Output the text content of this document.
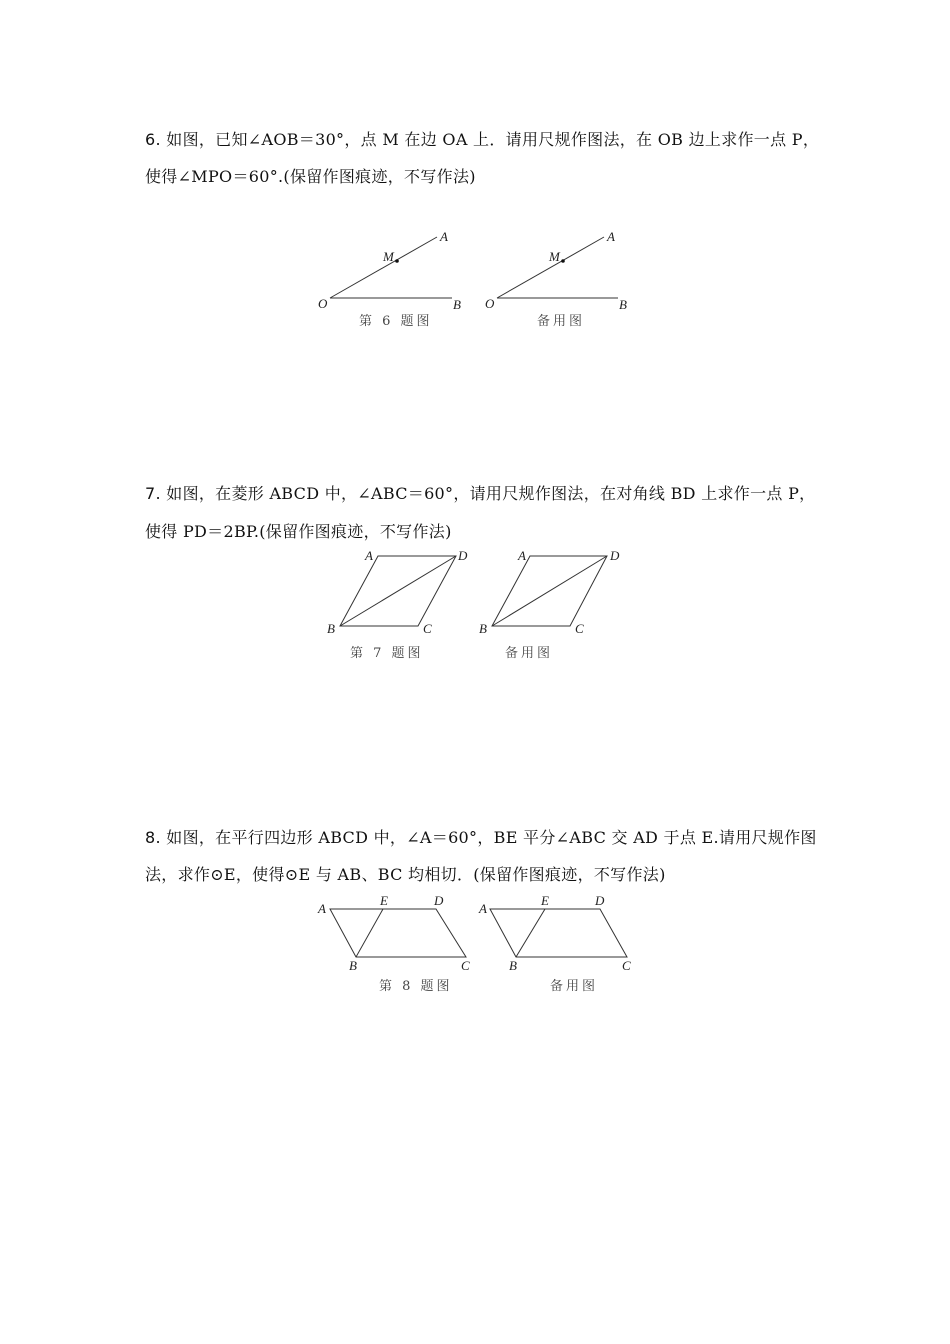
6. 如图，已知∠AOB＝30°，点 M 在边 OA 上．请用尺规作图法，在 OB 边上求作一点 P，
使得∠MPO＝60°.(保留作图痕迹，不写作法)
O	B
A
M
第 6 题图
O	B
A
M
备用图
A	D
B	C
第 7 题图
A	D
B	C
备用图
A
E	D
B	C
第 8 题图
A
E	D
B	C
备用图
7. 如图，在菱形 ABCD 中，∠ABC＝60°，请用尺规作图法，在对角线 BD 上求作一点 P，
使得 PD＝2BP.(保留作图痕迹，不写作法)
8. 如图，在平行四边形 ABCD 中，∠A＝60°，BE 平分∠ABC 交 AD 于点 E.请用尺规作图
法，求作⊙E，使得⊙E 与 AB、BC 均相切．(保留作图痕迹，不写作法)
